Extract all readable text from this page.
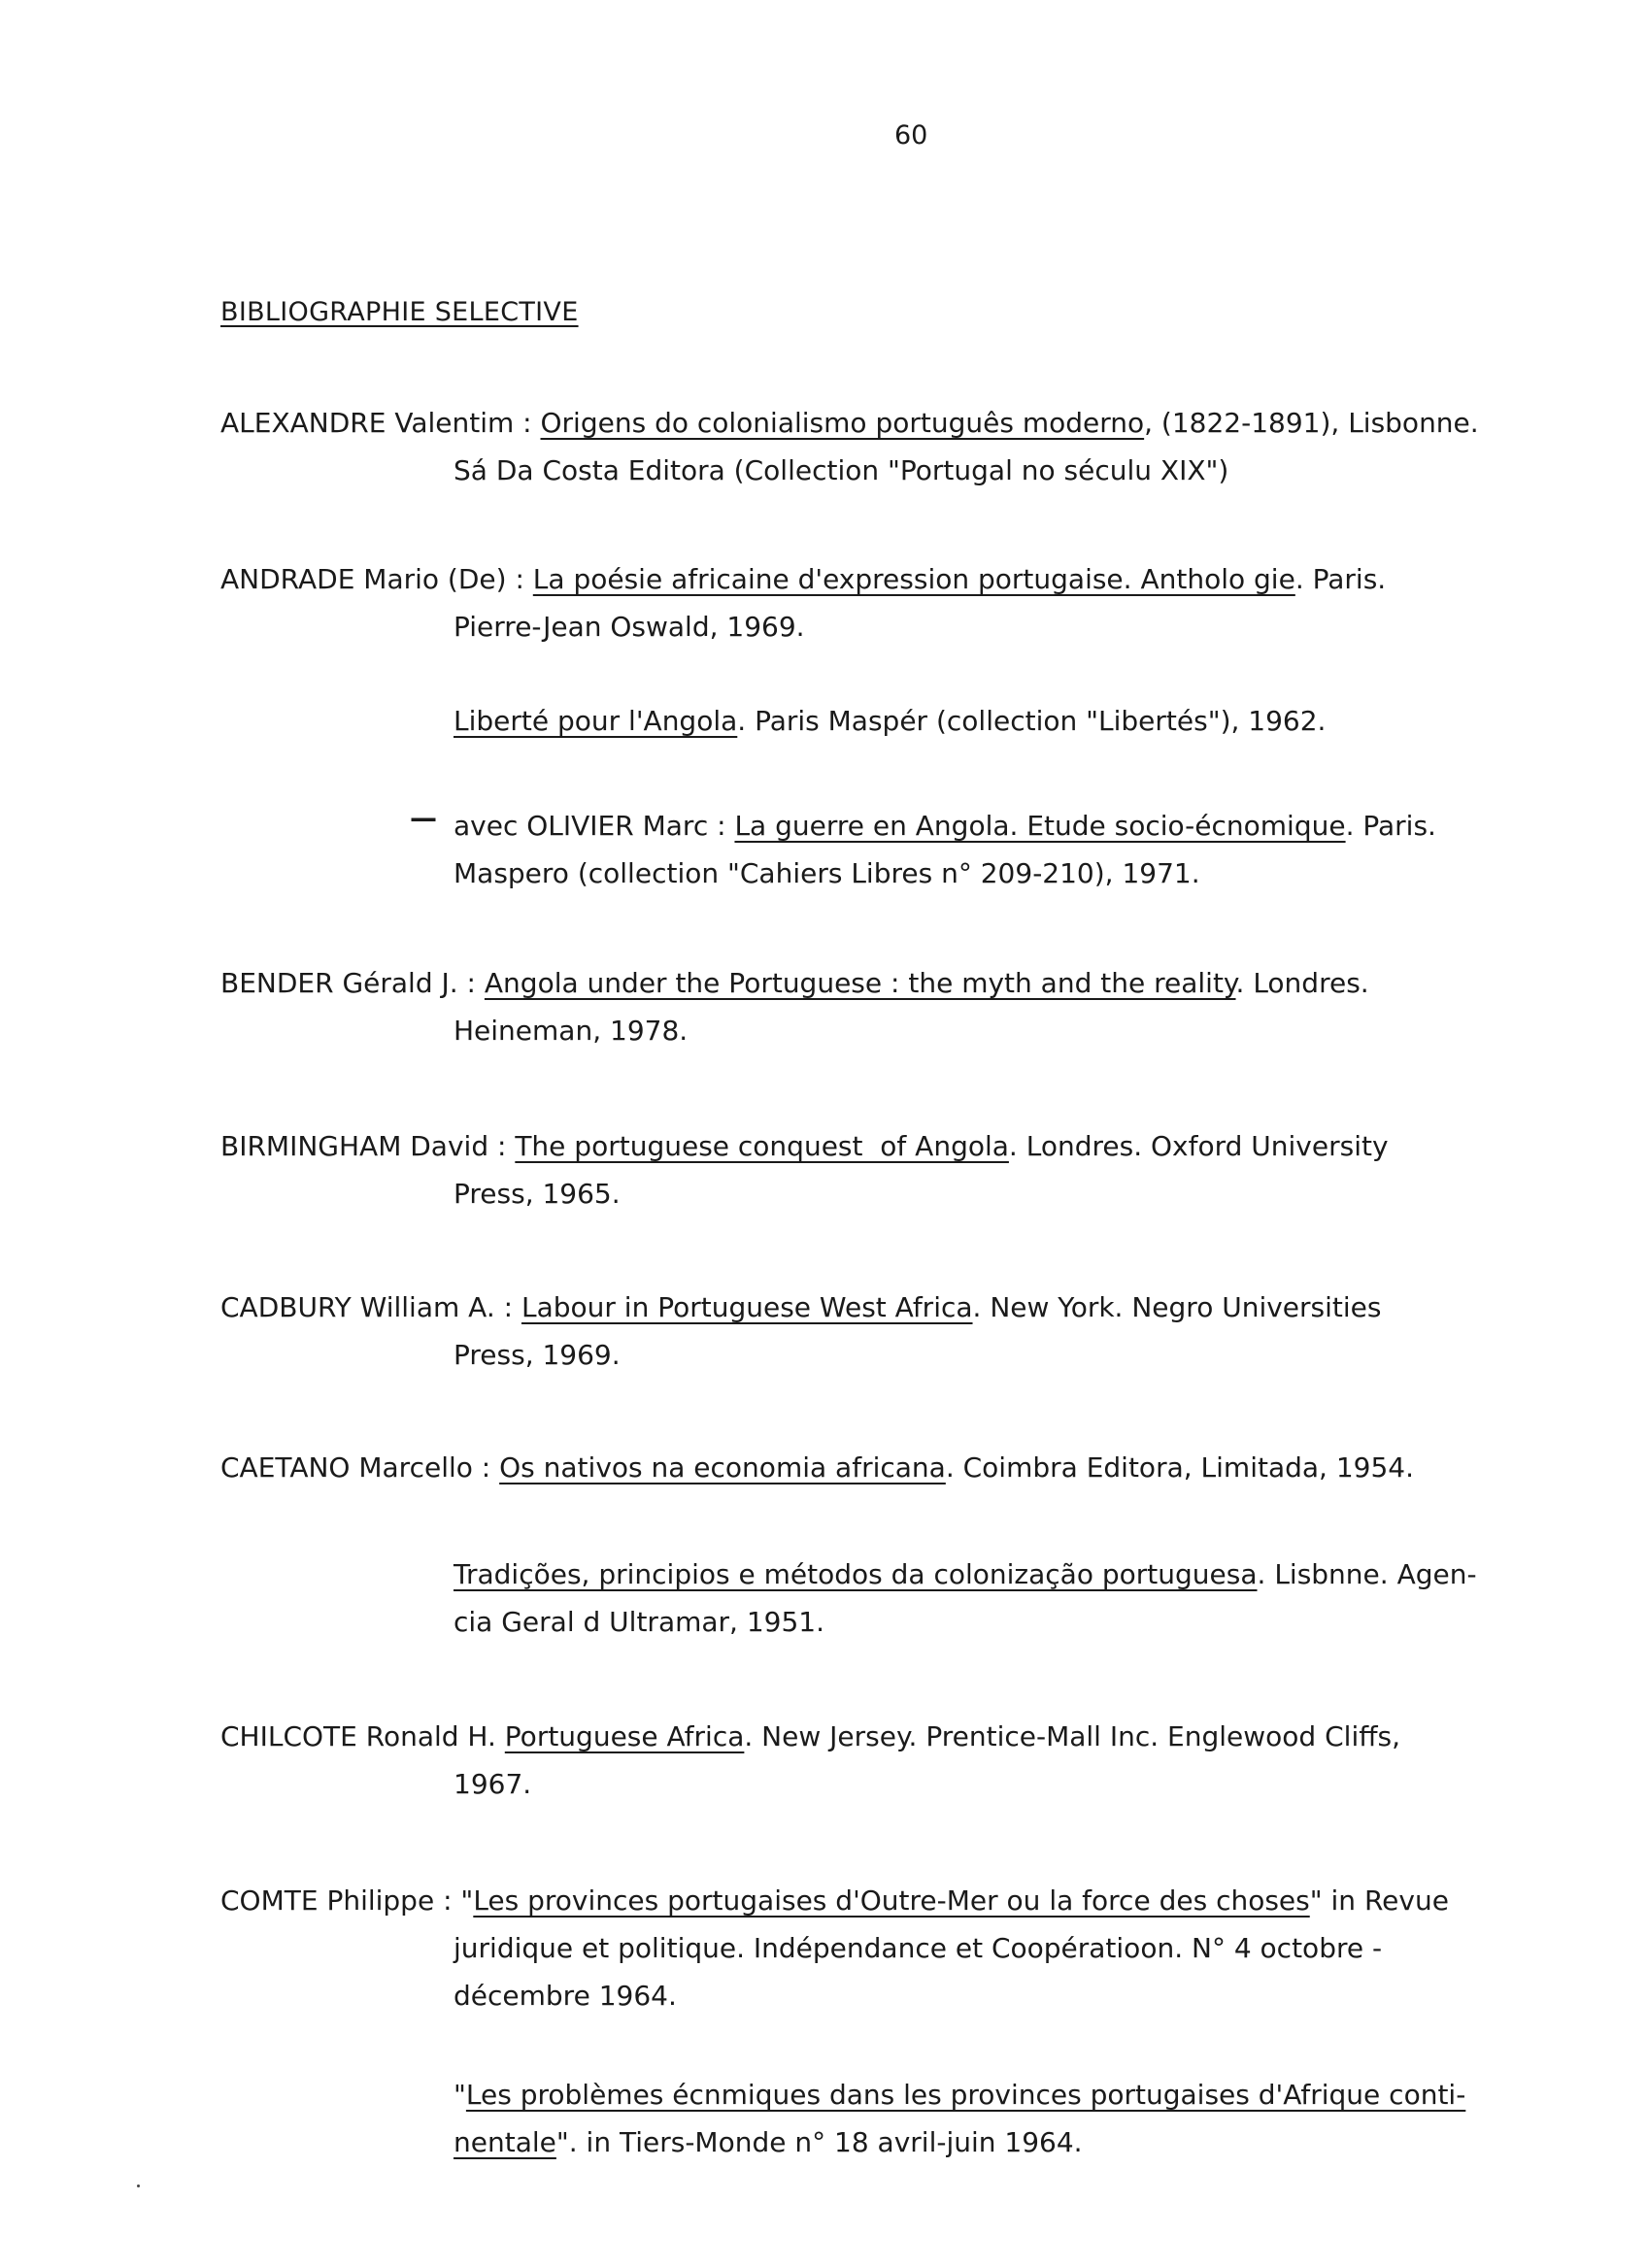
60
BIBLIOGRAPHIE SELECTIVE
ALEXANDRE Valentim : Origens do colonialismo português moderno, (1822-1891), Lisbonne.
Sá Da Costa Editora (Collection "Portugal no séculu XIX")
ANDRADE Mario (De) : La poésie africaine d'expression portugaise. Antholo gie. Paris.
Pierre-Jean Oswald, 1969.
Liberté pour l'Angola. Paris Maspér (collection "Libertés"), 1962.
— avec OLIVIER Marc : La guerre en Angola. Etude socio-écnomique. Paris.
Maspero (collection "Cahiers Libres n° 209-210), 1971.
BENDER Gérald J. : Angola under the Portuguese : the myth and the reality. Londres.
Heineman, 1978.
BIRMINGHAM David : The portuguese conquest  of Angola. Londres. Oxford University
Press, 1965.
CADBURY William A. : Labour in Portuguese West Africa. New York. Negro Universities
Press, 1969.
CAETANO Marcello : Os nativos na economia africana. Coimbra Editora, Limitada, 1954.
Tradições, principios e métodos da colonização portuguesa. Lisbnne. Agen-
cia Geral d Ultramar, 1951.
CHILCOTE Ronald H. Portuguese Africa. New Jersey. Prentice-Mall Inc. Englewood Cliffs,
1967.
COMTE Philippe : "Les provinces portugaises d'Outre-Mer ou la force des choses" in Revue
juridique et politique. Indépendance et Coopératioon. N° 4 octobre -
décembre 1964.
"Les problèmes écnmiques dans les provinces portugaises d'Afrique conti-
nentale". in Tiers-Monde n° 18 avril-juin 1964.
